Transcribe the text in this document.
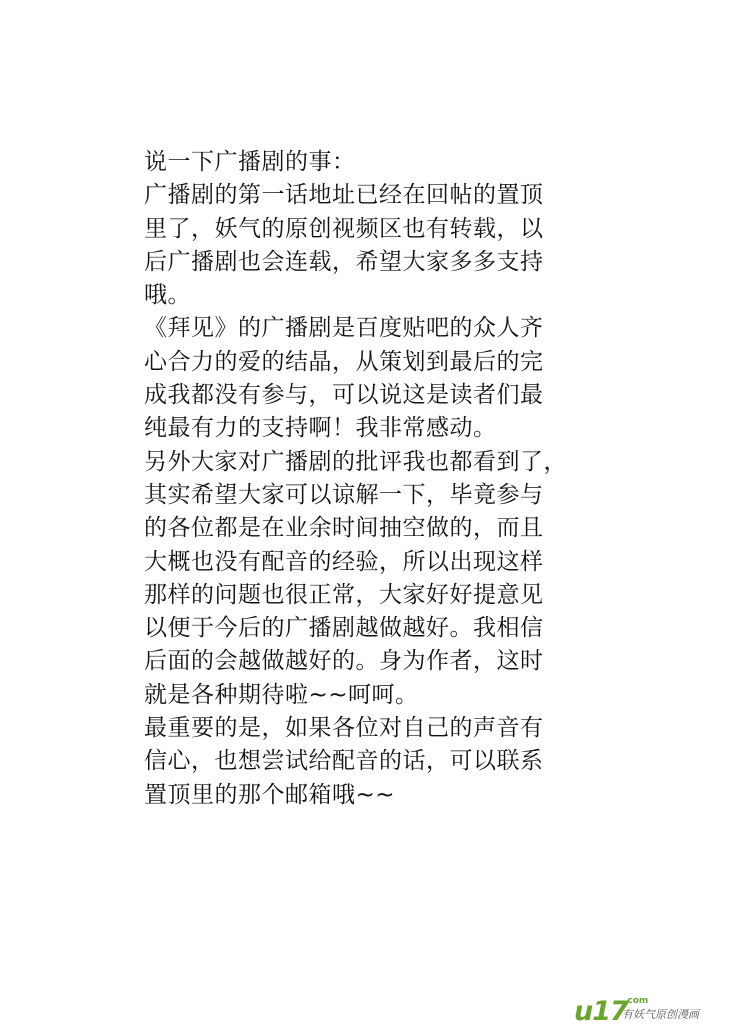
说一下广播剧的事：
广播剧的第一话地址已经在回帖的置顶
里了，妖气的原创视频区也有转载，以
后广播剧也会连载，希望大家多多支持
哦。
《拜见》的广播剧是百度贴吧的众人齐
心合力的爱的结晶，从策划到最后的完
成我都没有参与，可以说这是读者们最
纯最有力的支持啊！我非常感动。
另外大家对广播剧的批评我也都看到了，
其实希望大家可以谅解一下，毕竟参与
的各位都是在业余时间抽空做的，而且
大概也没有配音的经验，所以出现这样
那样的问题也很正常，大家好好提意见
以便于今后的广播剧越做越好。我相信
后面的会越做越好的。身为作者，这时
就是各种期待啦~~呵呵。
最重要的是，如果各位对自己的声音有
信心，也想尝试给配音的话，可以联系
置顶里的那个邮箱哦~~
u17
.com
有妖气原创漫画
